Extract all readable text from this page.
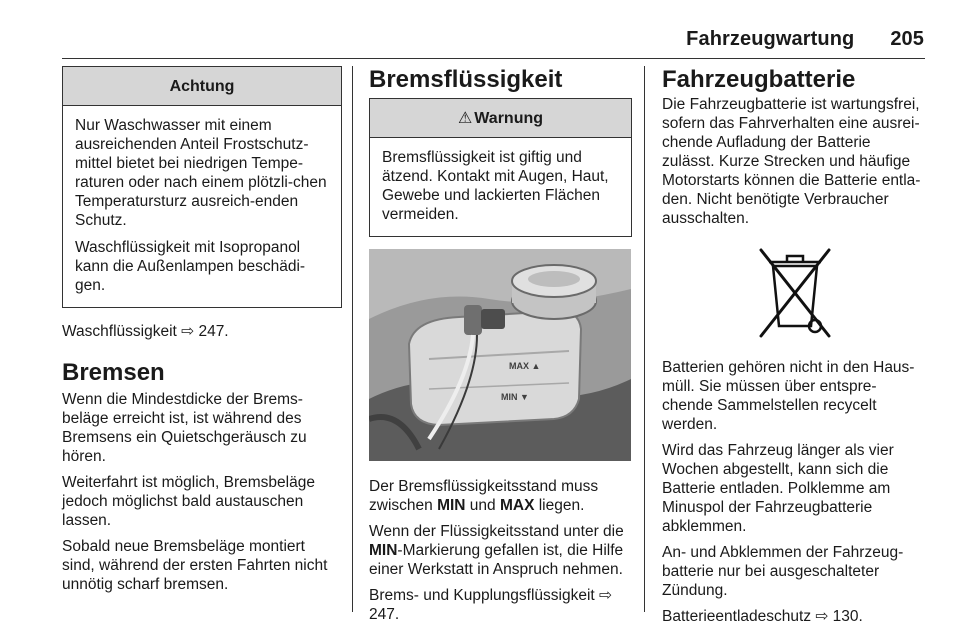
Fahrzeugwartung 205
Achtung

Nur Waschwasser mit einem ausreichenden Anteil Frostschutz-mittel bietet bei niedrigen Tempe-raturen oder nach einem plötzli-chen Temperatursturz ausreich-enden Schutz.

Waschflüssigkeit mit Isopropanol kann die Außenlampen beschädi-gen.

Waschflüssigkeit ⇨ 247.

Bremsen

Wenn die Mindestdicke der Brems-beläge erreicht ist, ist während des Bremsens ein Quietschgeräusch zu hören.

Weiterfahrt ist möglich, Bremsbeläge jedoch möglichst bald austauschen lassen.

Sobald neue Bremsbeläge montiert sind, während der ersten Fahrten nicht unnötig scharf bremsen.

Bremsflüssigkeit
⚠ Warnung

Bremsflüssigkeit ist giftig und ätzend. Kontakt mit Augen, Haut, Gewebe und lackierten Flächen vermeiden.

MAX ▲
MIN ▼

Der Bremsflüssigkeitsstand muss zwischen MIN und MAX liegen.

Wenn der Flüssigkeitsstand unter die MIN-Markierung gefallen ist, die Hilfe einer Werkstatt in Anspruch nehmen.

Brems- und Kupplungsflüssigkeit ⇨ 247.

Fahrzeugbatterie

Die Fahrzeugbatterie ist wartungsfrei, sofern das Fahrverhalten eine ausrei-chende Aufladung der Batterie zulässt. Kurze Strecken und häufige Motorstarts können die Batterie entla-den. Nicht benötigte Verbraucher ausschalten.

Batterien gehören nicht in den Haus-müll. Sie müssen über entspre-chende Sammelstellen recycelt werden.

Wird das Fahrzeug länger als vier Wochen abgestellt, kann sich die Batterie entladen. Polklemme am Minuspol der Fahrzeugbatterie abklemmen.

An- und Abklemmen der Fahrzeug-batterie nur bei ausgeschalteter Zündung.

Batterieentladeschutz ⇨ 130.
